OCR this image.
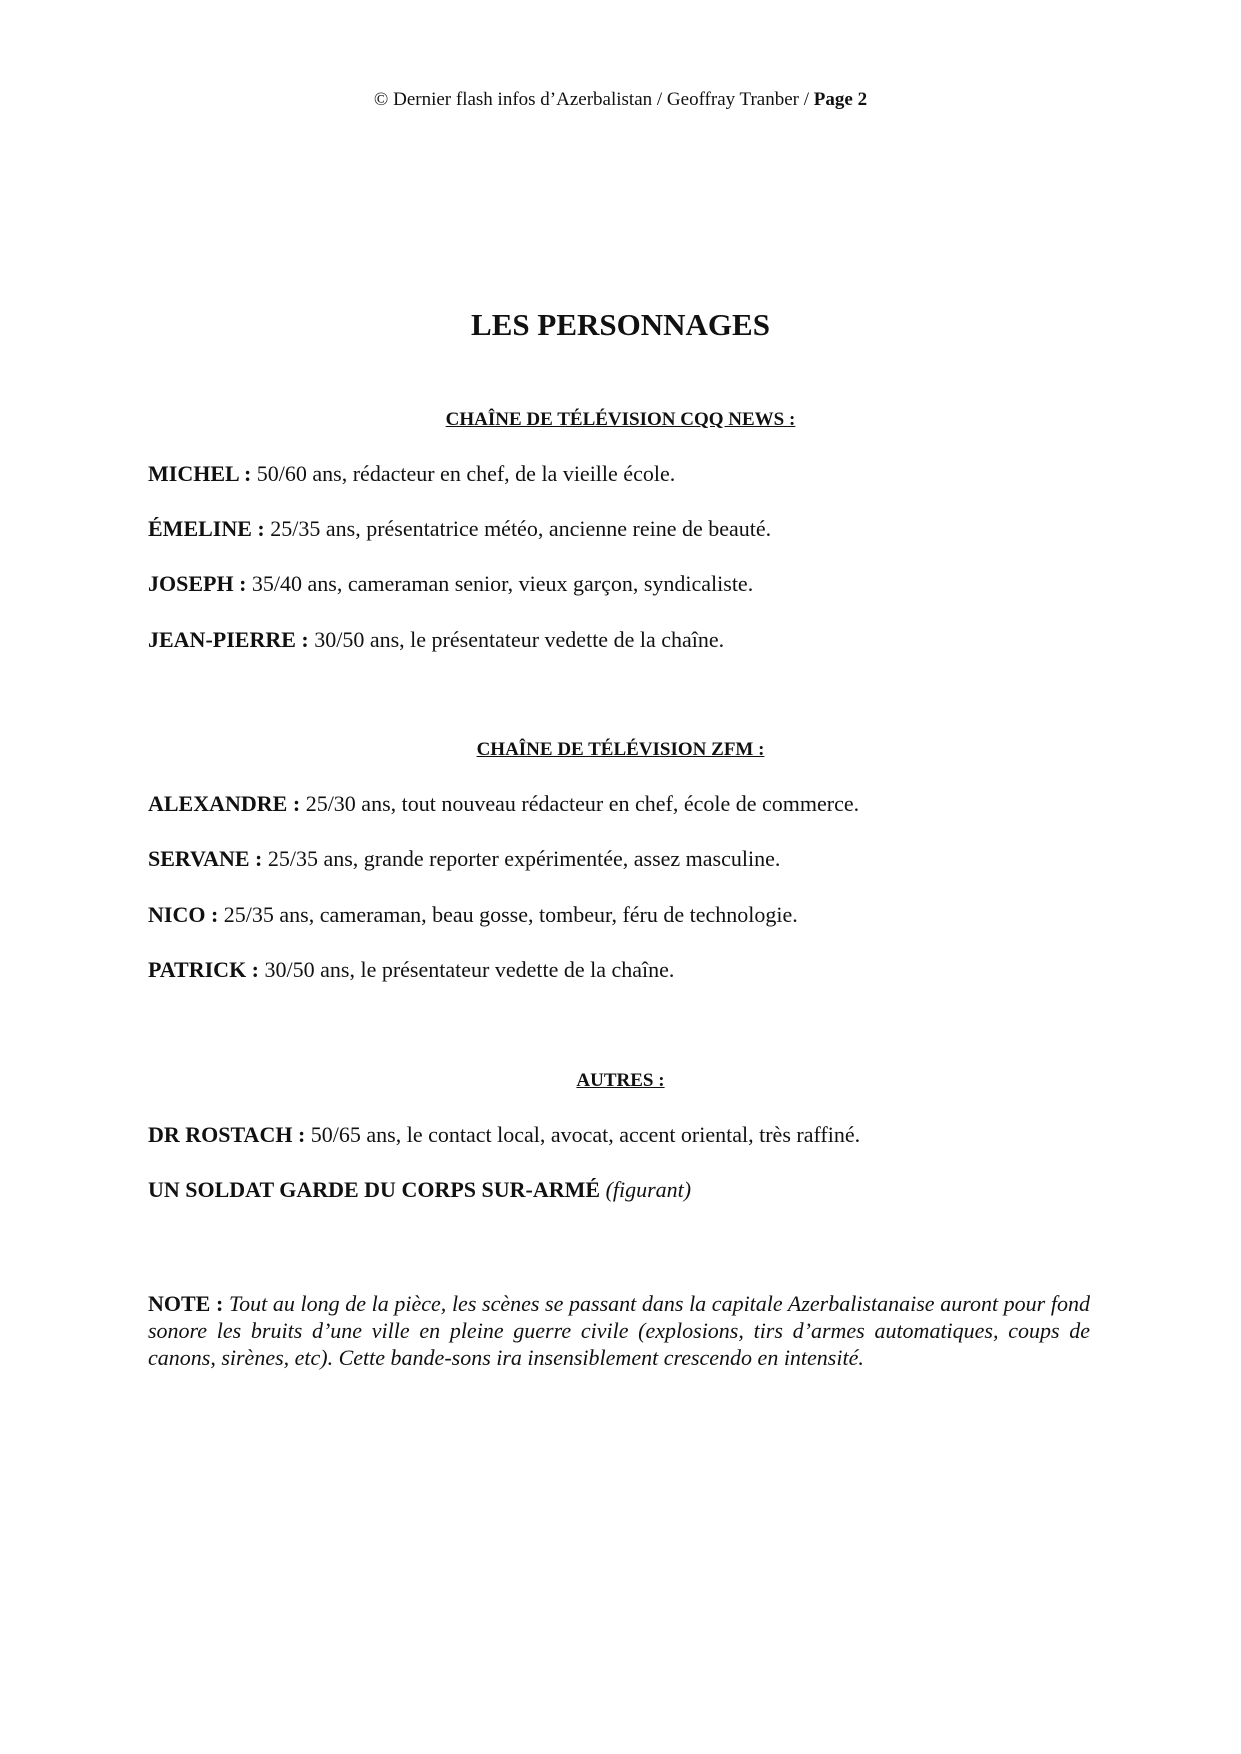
© Dernier flash infos d’Azerbalistan / Geoffray Tranber / Page 2
LES PERSONNAGES
CHAÎNE DE TÉLÉVISION CQQ NEWS :

MICHEL : 50/60 ans, rédacteur en chef, de la vieille école.

ÉMELINE : 25/35 ans, présentatrice météo, ancienne reine de beauté.

JOSEPH : 35/40 ans, cameraman senior, vieux garçon, syndicaliste.

JEAN-PIERRE : 30/50 ans, le présentateur vedette de la chaîne.

CHAÎNE DE TÉLÉVISION ZFM :

ALEXANDRE : 25/30 ans, tout nouveau rédacteur en chef, école de commerce.

SERVANE : 25/35 ans, grande reporter expérimentée, assez masculine.

NICO : 25/35 ans, cameraman, beau gosse, tombeur, féru de technologie.

PATRICK : 30/50 ans, le présentateur vedette de la chaîne.

AUTRES :

DR ROSTACH : 50/65 ans, le contact local, avocat, accent oriental, très raffiné.

UN SOLDAT GARDE DU CORPS SUR-ARMÉ (figurant)

NOTE : Tout au long de la pièce, les scènes se passant dans la capitale Azerbalistanaise auront pour fond sonore les bruits d’une ville en pleine guerre civile (explosions, tirs d’armes automatiques, coups de canons, sirènes, etc). Cette bande-sons ira insensiblement crescendo en intensité.
